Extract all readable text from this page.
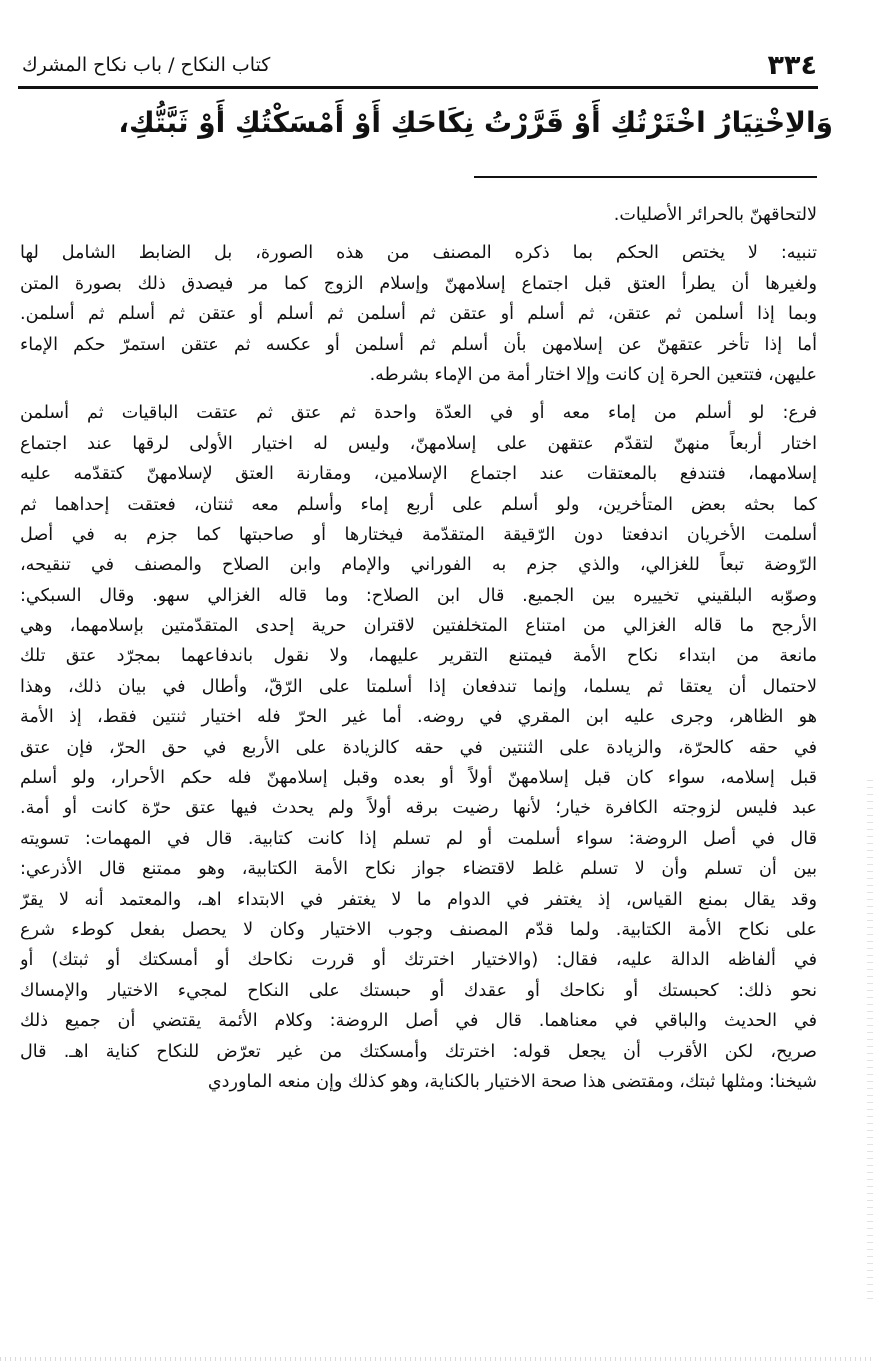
٣٣٤
كتاب النكاح / باب نكاح المشرك
وَالاِخْتِيَارُ اخْتَرْتُكِ أَوْ قَرَّرْتُ نِكَاحَكِ أَوْ أَمْسَكْتُكِ أَوْ ثَبَّتُّكِ،
لالتحاقهنّ بالحرائر الأصليات.
تنبيه: لا يختص الحكم بما ذكره المصنف من هذه الصورة، بل الضابط الشامل لها
ولغيرها أن يطرأ العتق قبل اجتماع إسلامهنّ وإسلام الزوج كما مر فيصدق ذلك بصورة المتن
وبما إذا أسلمن ثم عتقن، ثم أسلم أو عتقن ثم أسلمن ثم أسلم أو عتقن ثم أسلم ثم أسلمن.
أما إذا تأخر عتقهنّ عن إسلامهن بأن أسلم ثم أسلمن أو عكسه ثم عتقن استمرّ حكم الإماء
عليهن، فتتعين الحرة إن كانت وإلا اختار أمة من الإماء بشرطه.
فرع: لو أسلم من إماء معه أو في العدّة واحدة ثم عتق ثم عتقت الباقيات ثم أسلمن
اختار أربعاً منهنّ لتقدّم عتقهن على إسلامهنّ، وليس له اختيار الأولى لرقها عند اجتماع
إسلامهما، فتندفع بالمعتقات عند اجتماع الإسلامين، ومقارنة العتق لإسلامهنّ كتقدّمه عليه
كما بحثه بعض المتأخرين، ولو أسلم على أربع إماء وأسلم معه ثنتان، فعتقت إحداهما ثم
أسلمت الأخريان اندفعتا دون الرّقيقة المتقدّمة فيختارها أو صاحبتها كما جزم به في أصل
الرّوضة تبعاً للغزالي، والذي جزم به الفوراني والإمام وابن الصلاح والمصنف في تنقيحه،
وصوّبه البلقيني تخييره بين الجميع. قال ابن الصلاح: وما قاله الغزالي سهو. وقال السبكي:
الأرجح ما قاله الغزالي من امتناع المتخلفتين لاقتران حرية إحدى المتقدّمتين بإسلامهما، وهي
مانعة من ابتداء نكاح الأمة فيمتنع التقرير عليهما، ولا نقول باندفاعهما بمجرّد عتق تلك
لاحتمال أن يعتقا ثم يسلما، وإنما تندفعان إذا أسلمتا على الرّقّ، وأطال في بيان ذلك، وهذا
هو الظاهر، وجرى عليه ابن المقري في روضه. أما غير الحرّ فله اختيار ثنتين فقط، إذ الأمة
في حقه كالحرّة، والزيادة على الثنتين في حقه كالزيادة على الأربع في حق الحرّ، فإن عتق
قبل إسلامه، سواء كان قبل إسلامهنّ أولاً أو بعده وقبل إسلامهنّ فله حكم الأحرار، ولو أسلم
عبد فليس لزوجته الكافرة خيار؛ لأنها رضيت برقه أولاً ولم يحدث فيها عتق حرّة كانت أو أمة.
قال في أصل الروضة: سواء أسلمت أو لم تسلم إذا كانت كتابية. قال في المهمات: تسويته
بين أن تسلم وأن لا تسلم غلط لاقتضاء جواز نكاح الأمة الكتابية، وهو ممتنع قال الأذرعي:
وقد يقال بمنع القياس، إذ يغتفر في الدوام ما لا يغتفر في الابتداء اهـ، والمعتمد أنه لا يقرّ
على نكاح الأمة الكتابية. ولما قدّم المصنف وجوب الاختيار وكان لا يحصل بفعل كوطء شرع
في ألفاظه الدالة عليه، فقال: (والاختيار اخترتك أو قررت نكاحك أو أمسكتك أو ثبتك) أو
نحو ذلك: كحبستك أو نكاحك أو عقدك أو حبستك على النكاح لمجيء الاختيار والإمساك
في الحديث والباقي في معناهما. قال في أصل الروضة: وكلام الأئمة يقتضي أن جميع ذلك
صريح، لكن الأقرب أن يجعل قوله: اخترتك وأمسكتك من غير تعرّض للنكاح كناية اهـ. قال
شيخنا: ومثلها ثبتك، ومقتضى هذا صحة الاختيار بالكناية، وهو كذلك وإن منعه الماوردي
